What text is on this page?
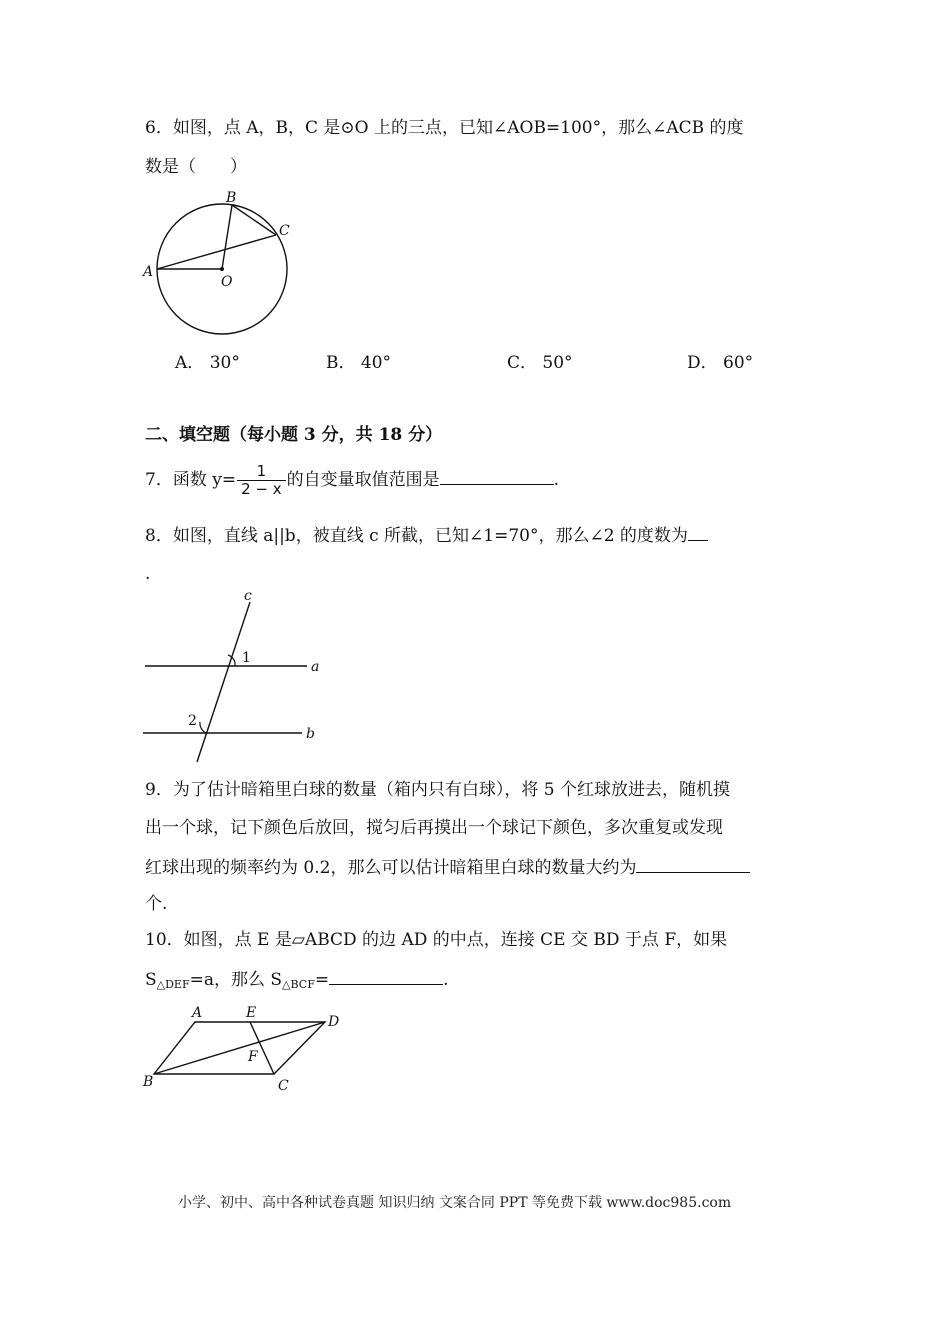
6．如图，点 A，B，C 是⊙O 上的三点，已知∠AOB=100°，那么∠ACB 的度
数是（　　）
A
B
C
O
A． 30°	B． 40°	C． 50°	D． 60°
二、填空题（每小题 3 分，共 18 分）
7．函数 $y= \frac{1}{2 - x}$ 的自变量取值范围是	.
8．如图，直线 a||b，被直线 c 所截，已知∠1=70°，那么∠2 的度数为
.
c
a
b
1
2
9．为了估计暗箱里白球的数量（箱内只有白球），将 5 个红球放进去，随机摸
出一个球，记下颜色后放回，搅匀后再摸出一个球记下颜色，多次重复或发现
红球出现的频率约为 0.2，那么可以估计暗箱里白球的数量大约为
个.
10．如图，点 E 是▱ABCD 的边 AD 的中点，连接 CE 交 BD 于点 F，如果
$S_{\triangle DEF}=a$，那么 $S_{\triangle BCF}=$	.
A	E
D
B	C
F
小学、初中、高中各种试卷真题 知识归纳 文案合同 PPT 等免费下载 www.doc985.com
